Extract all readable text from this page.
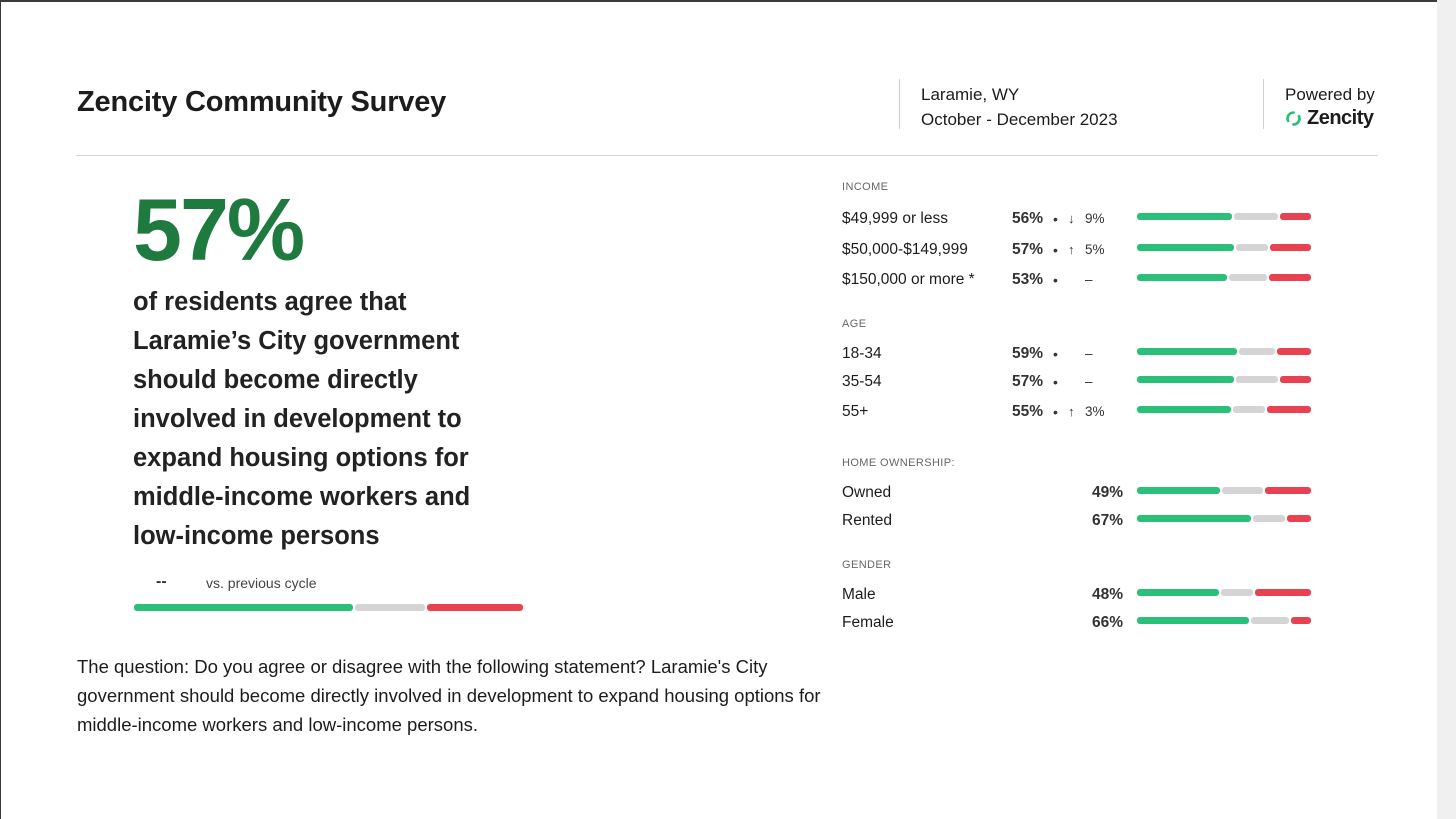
Zencity Community Survey	Laramie, WY
October - December 2023
Powered by
Zencity
57%
of residents agree that Laramie’s City government should become directly involved in development to expand housing options for middle-income workers and low-income persons
--	vs. previous cycle
The question: Do you agree or disagree with the following statement? Laramie's City government should become directly involved in development to expand housing options for middle-income workers and low-income persons.
INCOME
$49,999 or less	56% • ↓ 9%
$50,000-$149,999	57% • ↑ 5%
$150,000 or more *	53% • –
AGE
18-34	59% • –
35-54	57% • –
55+	55% • ↑ 3%
HOME OWNERSHIP:
Owned	49%
Rented	67%
GENDER
Male	48%
Female	66%
